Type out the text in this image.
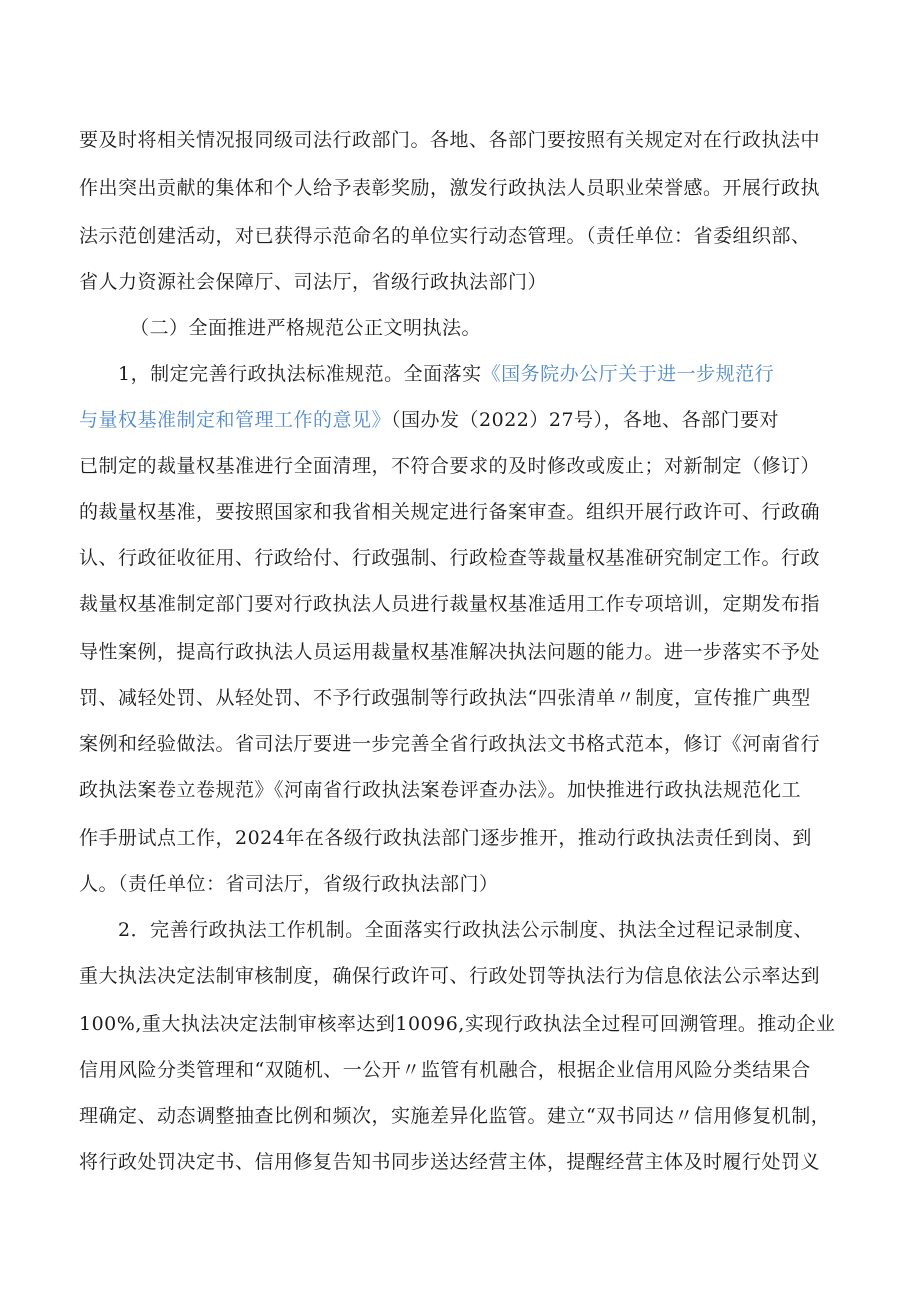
要及时将相关情况报同级司法行政部门。各地、各部门要按照有关规定对在行政执法中
作出突出贡献的集体和个人给予表彰奖励，激发行政执法人员职业荣誉感。开展行政执
法示范创建活动，对已获得示范命名的单位实行动态管理。（责任单位：省委组织部、
省人力资源社会保障厅、司法厅，省级行政执法部门）
（二）全面推进严格规范公正文明执法。
1，制定完善行政执法标准规范。全面落实《国务院办公厅关于进一步规范行
与量权基准制定和管理工作的意见》（国办发（2022）27号），各地、各部门要对
已制定的裁量权基准进行全面清理，不符合要求的及时修改或废止；对新制定（修订）
的裁量权基准，要按照国家和我省相关规定进行备案审查。组织开展行政许可、行政确
认、行政征收征用、行政给付、行政强制、行政检查等裁量权基准研究制定工作。行政
裁量权基准制定部门要对行政执法人员进行裁量权基准适用工作专项培训，定期发布指
导性案例，提高行政执法人员运用裁量权基准解决执法问题的能力。进一步落实不予处
罚、减轻处罚、从轻处罚、不予行政强制等行政执法“四张清单〃制度，宣传推广典型
案例和经验做法。省司法厅要进一步完善全省行政执法文书格式范本，修订《河南省行
政执法案卷立卷规范》《河南省行政执法案卷评查办法》。加快推进行政执法规范化工
作手册试点工作，2024年在各级行政执法部门逐步推开，推动行政执法责任到岗、到
人。（责任单位：省司法厅，省级行政执法部门）
2．完善行政执法工作机制。全面落实行政执法公示制度、执法全过程记录制度、
重大执法决定法制审核制度，确保行政许可、行政处罚等执法行为信息依法公示率达到
100%,重大执法决定法制审核率达到10096,实现行政执法全过程可回溯管理。推动企业
信用风险分类管理和“双随机、一公开〃监管有机融合，根据企业信用风险分类结果合
理确定、动态调整抽查比例和频次，实施差异化监管。建立“双书同达〃信用修复机制，
将行政处罚决定书、信用修复告知书同步送达经营主体，提醒经营主体及时履行处罚义
